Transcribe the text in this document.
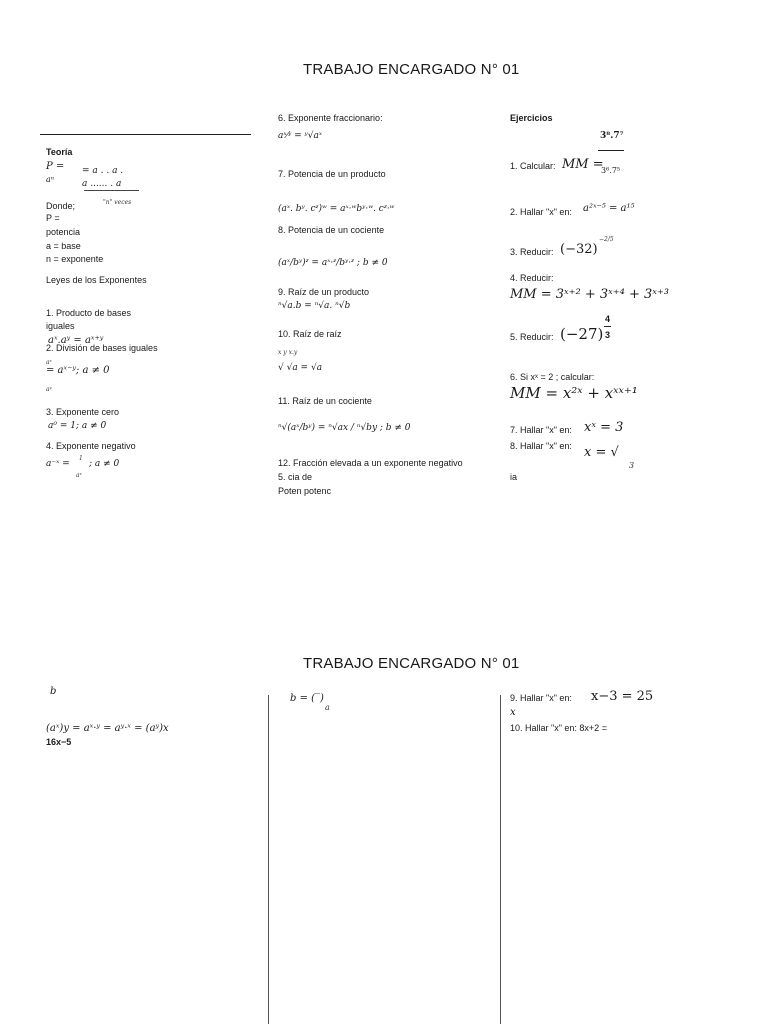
TRABAJO ENCARGADO N° 01
Teoría
P =
aⁿ
= a . . a .
a ...... . a
"n" veces
Donde;
P =
potencia
a = base
n = exponente
Leyes de los Exponentes
1. Producto de bases
iguales
aˣ.aʸ = aˣ⁺ʸ
2. División de bases iguales
aˣ
= aˣ⁻ʸ; a ≠ 0
aʸ
3. Exponente cero
a⁰ = 1; a ≠ 0
4. Exponente negativo
a⁻ˣ =
1
aˣ
; a ≠ 0
6. Exponente fraccionario:
aˣ⁄ʸ = ʸ√aˣ
7. Potencia de un producto
(aˣ. bʸ. cᶻ)ʷ = aˣ·ʷbʸ·ʷ. cᶻ·ʷ
8. Potencia de un cociente
(aˣ/bʸ)ᶻ = aˣ·ᶻ/bʸ·ᶻ ; b ≠ 0
9. Raíz de un producto
ⁿ√a.b = ⁿ√a. ⁿ√b
10. Raíz de raíz
x y x.y
√ √a = √a
11. Raíz de un cociente
ⁿ√(aˣ/bʸ) = ⁿ√ax / ⁿ√by ; b ≠ 0
12. Fracción elevada a un exponente negativo
5. cia de
Poten potenc
Ejercicios
3⁸.7⁷
1. Calcular: MM =
3⁶.7⁵
2. Hallar "x" en: a²ˣ⁻⁵ = a¹⁵
3. Reducir: (−32)
−2/5
4. Reducir:
MM = 3ˣ⁺² + 3ˣ⁺⁴ + 3ˣ⁺³
5. Reducir: (−27)
4
3
6. Si xˣ = 2 ; calcular:
MM = x²ˣ + xˣˣ⁺¹
7. Hallar "x" en: xˣ = 3
8. Hallar "x" en: x = √
3
ia
TRABAJO ENCARGADO N° 01
b
(aˣ)y = aˣ·ʸ = aʸ·ˣ = (aʸ)x
16x−5
b = (‾)
a
9. Hallar "x" en: x−3 = 25
x
10. Hallar "x" en: 8x+2 =
